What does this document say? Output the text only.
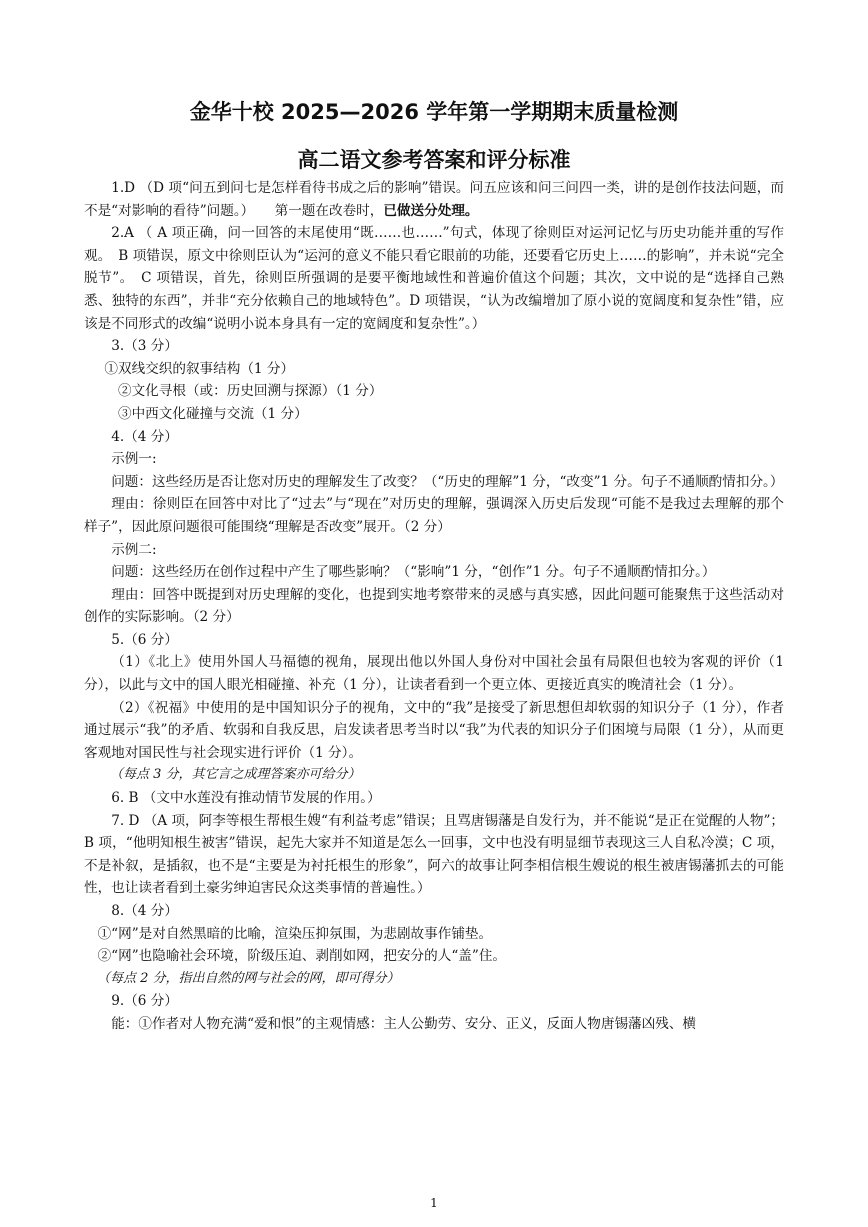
金华十校 2025—2026 学年第一学期期末质量检测
高二语文参考答案和评分标准

1.D （D 项“问五到问七是怎样看待书成之后的影响”错误。问五应该和问三问四一类，讲的是创作技法问题，而不是“对影响的看待”问题。）　　第一题在改卷时，已做送分处理。

2.A （ A 项正确，问一回答的末尾使用“既……也……”句式，体现了徐则臣对运河记忆与历史功能并重的写作观。　B 项错误，原文中徐则臣认为“运河的意义不能只看它眼前的功能，还要看它历史上……的影响”，并未说“完全脱节”。　C 项错误，首先，徐则臣所强调的是要平衡地域性和普遍价值这个问题；其次，文中说的是“选择自己熟悉、独特的东西”，并非“充分依赖自己的地域特色”。D 项错误，“认为改编增加了原小说的宽阔度和复杂性”错，应该是不同形式的改编“说明小说本身具有一定的宽阔度和复杂性”。）

3.（3 分）

①双线交织的叙事结构（1 分）

②文化寻根（或：历史回溯与探源）（1 分）

③中西文化碰撞与交流（1 分）

4.（4 分）

示例一:

问题：这些经历是否让您对历史的理解发生了改变？（“历史的理解”1 分，“改变”1 分。句子不通顺酌情扣分。）

理由：徐则臣在回答中对比了“过去”与“现在”对历史的理解，强调深入历史后发现“可能不是我过去理解的那个样子”，因此原问题很可能围绕“理解是否改变”展开。（2 分）

示例二:

问题：这些经历在创作过程中产生了哪些影响？（“影响”1 分，“创作”1 分。句子不通顺酌情扣分。）

理由：回答中既提到对历史理解的变化，也提到实地考察带来的灵感与真实感，因此问题可能聚焦于这些活动对创作的实际影响。（2 分）

5.（6 分）

（1）《北上》使用外国人马福德的视角，展现出他以外国人身份对中国社会虽有局限但也较为客观的评价（1 分），以此与文中的国人眼光相碰撞、补充（1 分），让读者看到一个更立体、更接近真实的晚清社会（1 分）。

（2）《祝福》中使用的是中国知识分子的视角，文中的“我”是接受了新思想但却软弱的知识分子（1 分），作者通过展示“我”的矛盾、软弱和自我反思，启发读者思考当时以“我”为代表的知识分子们困境与局限（1 分），从而更客观地对国民性与社会现实进行评价（1 分）。

（每点 3 分，其它言之成理答案亦可给分）

6. B （文中水莲没有推动情节发展的作用。）

7. D （A 项，阿李等根生帮根生嫂“有利益考虑”错误；且骂唐锡藩是自发行为，并不能说“是正在觉醒的人物”；B 项，“他明知根生被害”错误，起先大家并不知道是怎么一回事，文中也没有明显细节表现这三人自私冷漠；C 项，不是补叙，是插叙，也不是“主要是为衬托根生的形象”，阿六的故事让阿李相信根生嫂说的根生被唐锡藩抓去的可能性，也让读者看到土豪劣绅迫害民众这类事情的普遍性。）

8.（4 分）

①“网”是对自然黑暗的比喻，渲染压抑氛围，为悲剧故事作铺垫。

②“网”也隐喻社会环境，阶级压迫、剥削如网，把安分的人“盖”住。

（每点 2 分，指出自然的网与社会的网，即可得分）

9.（6 分）

能：①作者对人物充满“爱和恨”的主观情感：主人公勤劳、安分、正义，反面人物唐锡藩凶残、横

1
